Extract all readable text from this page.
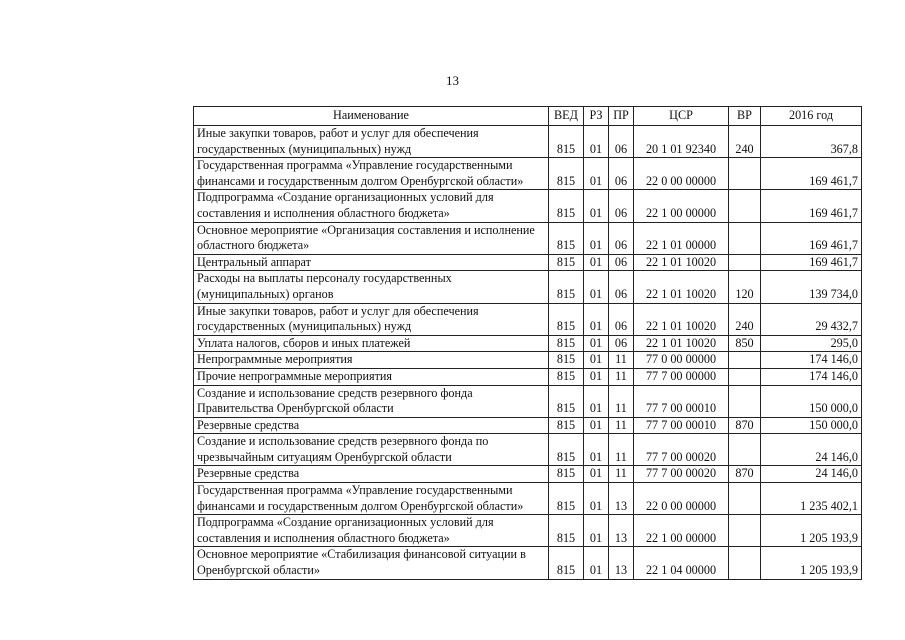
13
Наименование	ВЕД	РЗ	ПР	ЦСР	ВР	2016 год
Иные закупки товаров, работ и услуг для обеспечения государственных (муниципальных) нужд	815	01	06	20 1 01 92340	240	367,8
Государственная программа «Управление государственными финансами и государственным долгом Оренбургской области»	815	01	06	22 0 00 00000		169 461,7
Подпрограмма «Создание организационных условий для составления и исполнения областного бюджета»	815	01	06	22 1 00 00000		169 461,7
Основное мероприятие «Организация составления и исполнение областного бюджета»	815	01	06	22 1 01 00000		169 461,7
Центральный аппарат	815	01	06	22 1 01 10020		169 461,7
Расходы на выплаты персоналу государственных (муниципальных) органов	815	01	06	22 1 01 10020	120	139 734,0
Иные закупки товаров, работ и услуг для обеспечения государственных (муниципальных) нужд	815	01	06	22 1 01 10020	240	29 432,7
Уплата налогов, сборов и иных платежей	815	01	06	22 1 01 10020	850	295,0
Непрограммные мероприятия	815	01	11	77 0 00 00000		174 146,0
Прочие непрограммные мероприятия	815	01	11	77 7 00 00000		174 146,0
Создание и использование средств резервного фонда Правительства Оренбургской области	815	01	11	77 7 00 00010		150 000,0
Резервные средства	815	01	11	77 7 00 00010	870	150 000,0
Создание и использование средств резервного фонда по чрезвычайным ситуациям Оренбургской области	815	01	11	77 7 00 00020		24 146,0
Резервные средства	815	01	11	77 7 00 00020	870	24 146,0
Государственная программа «Управление государственными финансами и государственным долгом Оренбургской области»	815	01	13	22 0 00 00000		1 235 402,1
Подпрограмма «Создание организационных условий для составления и исполнения областного бюджета»	815	01	13	22 1 00 00000		1 205 193,9
Основное мероприятие «Стабилизация финансовой ситуации в Оренбургской области»	815	01	13	22 1 04 00000		1 205 193,9
